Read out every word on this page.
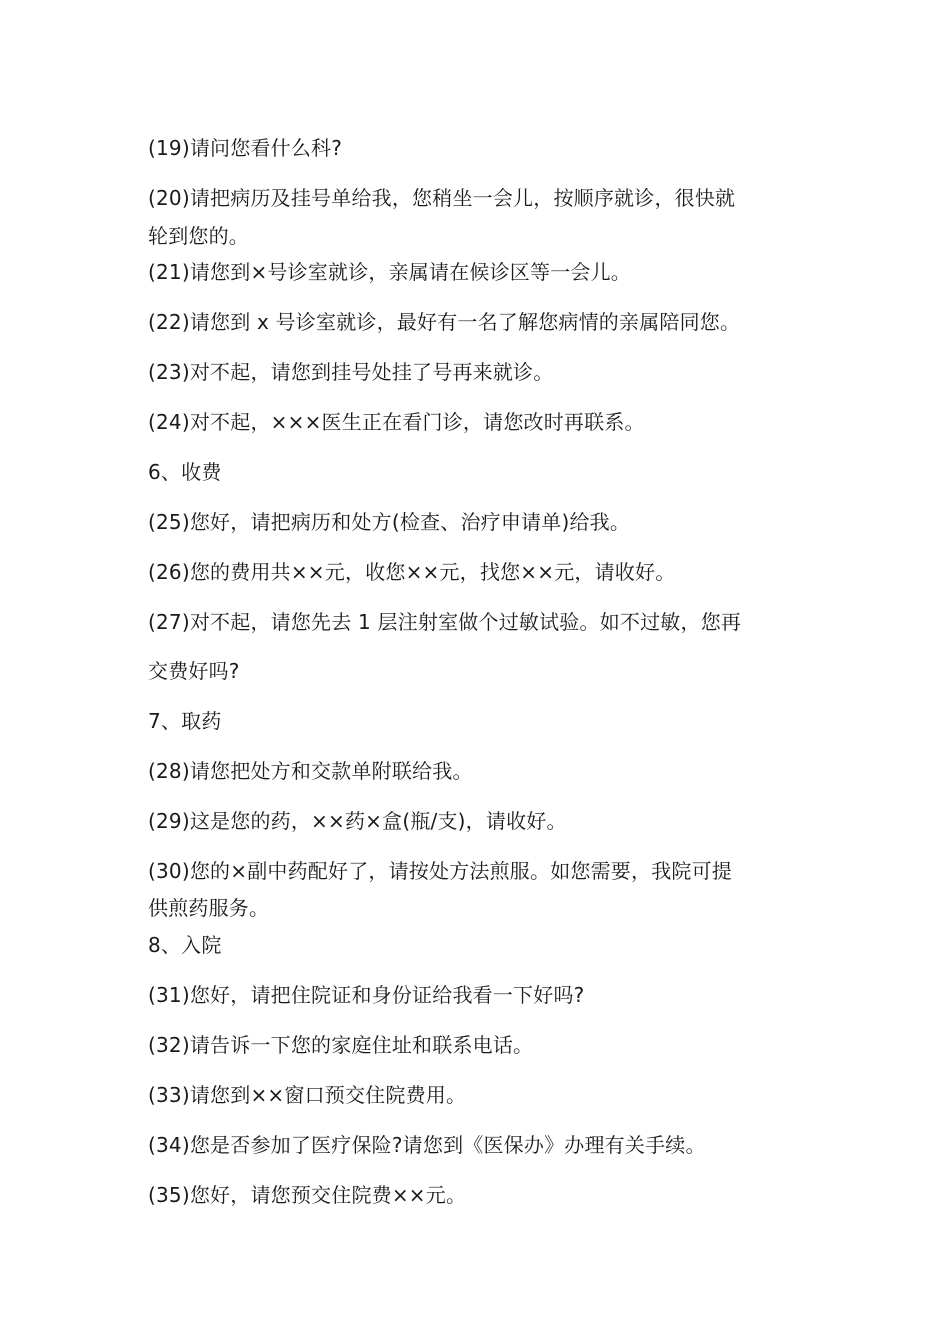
(19)请问您看什么科?
(20)请把病历及挂号单给我，您稍坐一会儿，按顺序就诊，很快就
轮到您的。
(21)请您到×号诊室就诊，亲属请在候诊区等一会儿。
(22)请您到 x 号诊室就诊，最好有一名了解您病情的亲属陪同您。
(23)对不起，请您到挂号处挂了号再来就诊。
(24)对不起，×××医生正在看门诊，请您改时再联系。
6、收费
(25)您好，请把病历和处方(检查、治疗申请单)给我。
(26)您的费用共××元，收您××元，找您××元，请收好。
(27)对不起，请您先去 1 层注射室做个过敏试验。如不过敏，您再
交费好吗?
7、取药
(28)请您把处方和交款单附联给我。
(29)这是您的药，××药×盒(瓶/支)，请收好。
(30)您的×副中药配好了，请按处方法煎服。如您需要，我院可提
供煎药服务。
8、入院
(31)您好，请把住院证和身份证给我看一下好吗?
(32)请告诉一下您的家庭住址和联系电话。
(33)请您到××窗口预交住院费用。
(34)您是否参加了医疗保险?请您到《医保办》办理有关手续。
(35)您好，请您预交住院费××元。
